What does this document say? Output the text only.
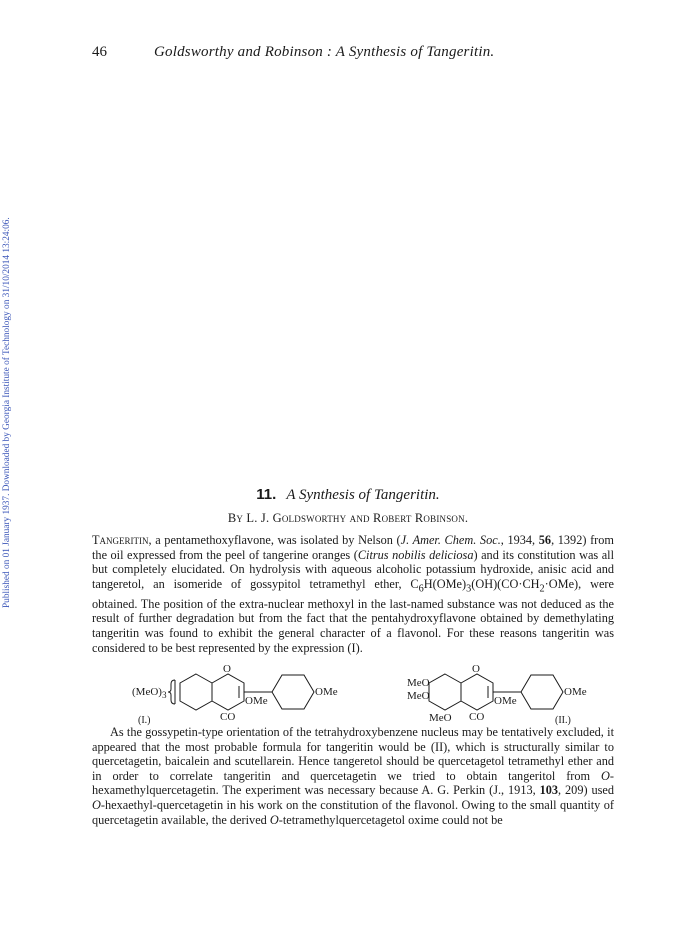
46	Goldsworthy and Robinson : A Synthesis of Tangeritin.
Published on 01 January 1937. Downloaded by Georgia Institute of Technology on 31/10/2014 13:24:06.	11. A Synthesis of Tangeritin.
By L. J. Goldsworthy and Robert Robinson.

Tangeritin, a pentamethoxyflavone, was isolated by Nelson (J. Amer. Chem. Soc., 1934, 56, 1392) from the oil expressed from the peel of tangerine oranges (Citrus nobilis deliciosa) and its constitution was all but completely elucidated. On hydrolysis with aqueous alcoholic potassium hydroxide, anisic acid and tangeretol, an isomeride of gossypitol tetramethyl ether, $C_6H(OMe)_3(OH)(CO\cdot CH_2\cdot OMe)$, were obtained. The position of the extra-nuclear methoxyl in the last-named substance was not deduced as the result of further degradation but from the fact that the pentahydroxyflavone obtained by demethylating tangeritin was found to exhibit the general character of a flavonol. For these reasons tangeritin was considered to be best represented by the expression (I).

$(MeO)_3$
O
OMe
OMe
CO
(I.)
MeO
MeO
MeO
O
OMe
OMe
CO	(II.)

As the gossypetin-type orientation of the tetrahydroxybenzene nucleus may be tentatively excluded, it appeared that the most probable formula for tangeritin would be (II), which is structurally similar to quercetagetin, baicalein and scutellarein. Hence tangeretol should be quercetagetol tetramethyl ether and in order to correlate tangeritin and quercetagetin we tried to obtain tangeritol from O-hexamethylquercetagetin. The experiment was necessary because A. G. Perkin (J., 1913, 103, 209) used O-hexaethyl-quercetagetin in his work on the constitution of the flavonol. Owing to the small quantity of quercetagetin available, the derived O-tetramethylquercetagetol oxime could not be
